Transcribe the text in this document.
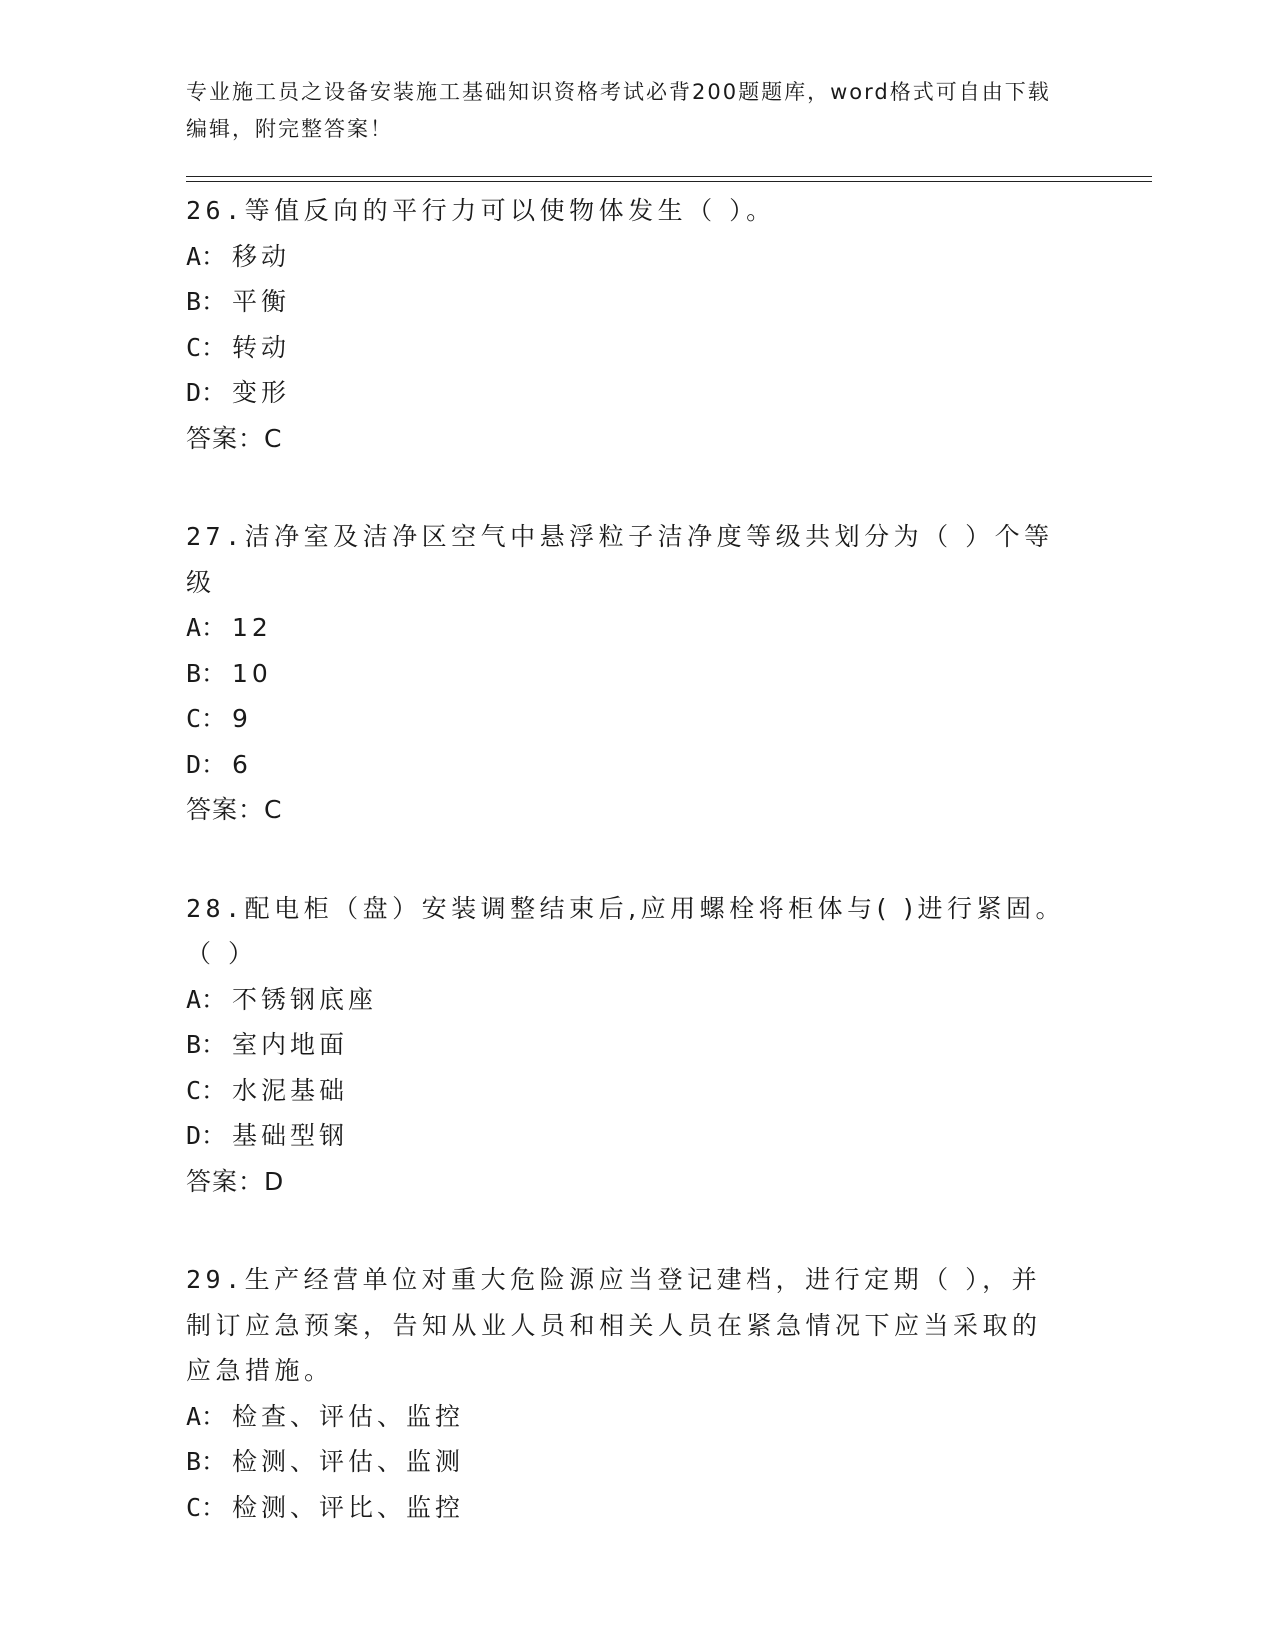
专业施工员之设备安装施工基础知识资格考试必背200题题库，word格式可自由下载编辑，附完整答案！
26.等值反向的平行力可以使物体发生（ ）。
A： 移动
B： 平衡
C： 转动
D： 变形
答案：C
27.洁净室及洁净区空气中悬浮粒子洁净度等级共划分为（ ）个等级
A： 12
B： 10
C： 9
D： 6
答案：C
28.配电柜（盘）安装调整结束后,应用螺栓将柜体与( )进行紧固。（ ）
A： 不锈钢底座
B： 室内地面
C： 水泥基础
D： 基础型钢
答案：D
29.生产经营单位对重大危险源应当登记建档，进行定期（ ），并制订应急预案，告知从业人员和相关人员在紧急情况下应当采取的应急措施。
A： 检查、评估、监控
B： 检测、评估、监测
C： 检测、评比、监控
